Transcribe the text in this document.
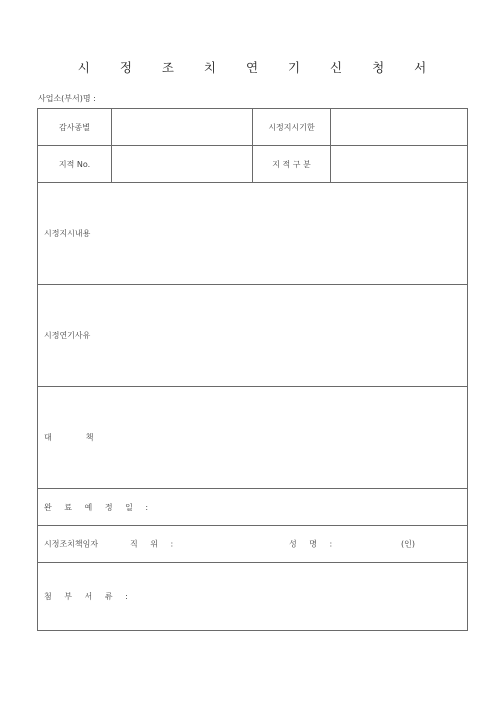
시 정 조 치 연 기 신 청 서
사업소(부서)명 :
감사종별		시정지시기한	
지적 No.		지 적 구 분	
시정지시내용			
시정연기사유			
대 책			
완 료 예 정 일 :			

시정조치책임자 직 위 : 성 명 : (인)			

첨 부 서 류 :			
